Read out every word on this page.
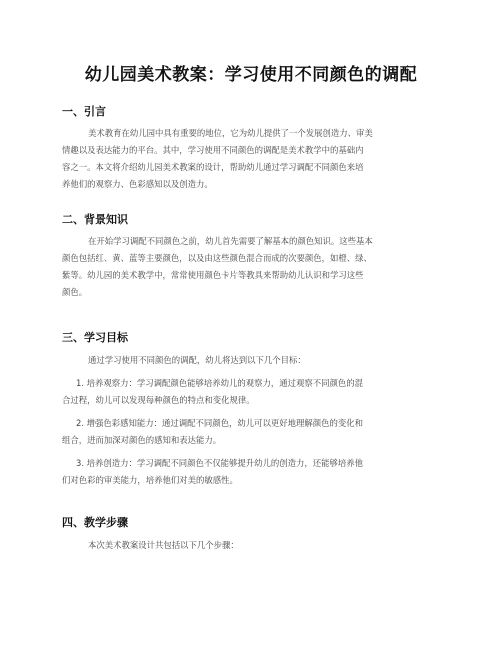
幼儿园美术教案：学习使用不同颜色的调配
一、引言
美术教育在幼儿园中具有重要的地位，它为幼儿提供了一个发展创造力、审美
情趣以及表达能力的平台。其中，学习使用不同颜色的调配是美术教学中的基础内
容之一。本文将介绍幼儿园美术教案的设计，帮助幼儿通过学习调配不同颜色来培
养他们的观察力、色彩感知以及创造力。
二、背景知识
在开始学习调配不同颜色之前，幼儿首先需要了解基本的颜色知识。这些基本
颜色包括红、黄、蓝等主要颜色，以及由这些颜色混合而成的次要颜色，如橙、绿、
紫等。幼儿园的美术教学中，常常使用颜色卡片等教具来帮助幼儿认识和学习这些
颜色。
三、学习目标
通过学习使用不同颜色的调配，幼儿将达到以下几个目标：
1. 培养观察力：学习调配颜色能够培养幼儿的观察力，通过观察不同颜色的混
合过程，幼儿可以发现每种颜色的特点和变化规律。
2. 增强色彩感知能力：通过调配不同颜色，幼儿可以更好地理解颜色的变化和
组合，进而加深对颜色的感知和表达能力。
3. 培养创造力：学习调配不同颜色不仅能够提升幼儿的创造力，还能够培养他
们对色彩的审美能力，培养他们对美的敏感性。
四、教学步骤
本次美术教案设计共包括以下几个步骤：
